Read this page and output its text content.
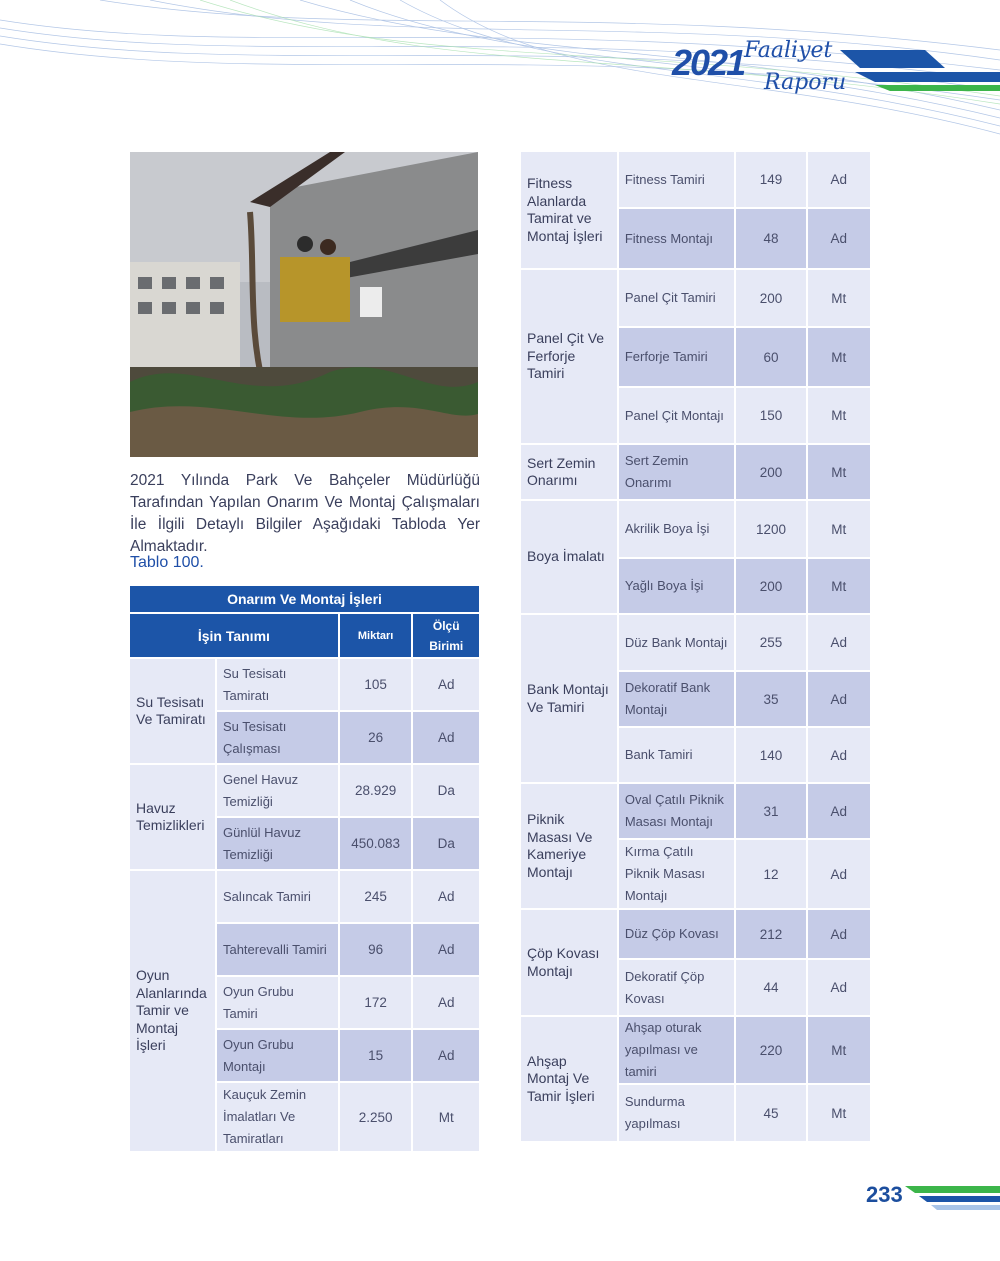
2021 Faaliyet
Raporu
2021 Yılında Park Ve Bahçeler Müdürlüğü Tarafından Yapılan Onarım Ve Montaj Çalışmaları İle İlgili Detaylı Bilgiler Aşağıdaki Tabloda Yer Almaktadır.
Tablo 100.
Onarım Ve Montaj İşleri			
İşin Tanımı		Miktarı	Ölçü Birimi
Su Tesisatı Ve Tamiratı	Su Tesisatı Tamiratı	105	Ad
	Su Tesisatı Çalışması	26	Ad
Havuz Temizlikleri	Genel Havuz Temizliği	28.929	Da
	Günlül Havuz Temizliği	450.083	Da
Oyun Alanlarında Tamir ve Montaj İşleri	Salıncak Tamiri	245	Ad
	Tahterevalli Tamiri	96	Ad
	Oyun Grubu Tamiri	172	Ad
	Oyun Grubu Montajı	15	Ad
	Kauçuk Zemin İmalatları Ve Tamiratları	2.250	Mt
Fitness Alanlarda Tamirat ve Montaj İşleri	Fitness Tamiri	149	Ad
	Fitness Montajı	48	Ad
Panel Çit Ve Ferforje Tamiri	Panel Çit Tamiri	200	Mt
	Ferforje Tamiri	60	Mt
	Panel Çit Montajı	150	Mt
Sert Zemin Onarımı	Sert Zemin Onarımı	200	Mt
Boya İmalatı	Akrilik Boya İşi	1200	Mt
	Yağlı Boya İşi	200	Mt
Bank Montajı Ve Tamiri	Düz Bank Montajı	255	Ad
	Dekoratif Bank Montajı	35	Ad
	Bank Tamiri	140	Ad
Piknik Masası Ve Kameriye Montajı	Oval Çatılı Piknik Masası Montajı	31	Ad
	Kırma Çatılı Piknik Masası Montajı	12	Ad
Çöp Kovası Montajı	Düz Çöp Kovası	212	Ad
	Dekoratif Çöp Kovası	44	Ad
Ahşap Montaj Ve Tamir İşleri	Ahşap oturak yapılması ve tamiri	220	Mt
	Sundurma yapılması	45	Mt
233
